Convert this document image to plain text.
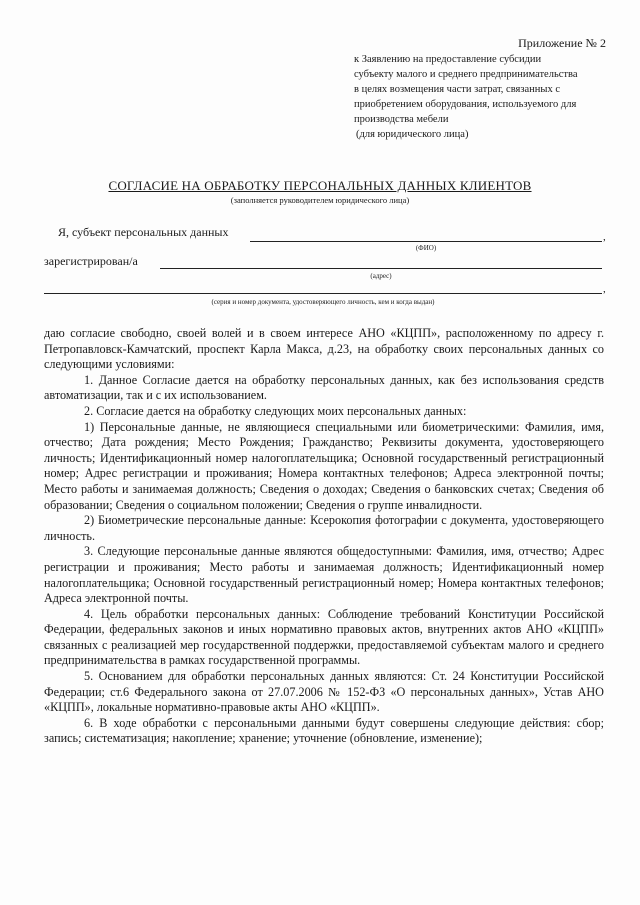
Приложение № 2
к Заявлению на предоставление субсидии
субъекту малого и среднего предпринимательства
в целях возмещения части затрат, связанных с
приобретением оборудования, используемого для
производства мебели
(для юридического лица)
СОГЛАСИЕ НА ОБРАБОТКУ ПЕРСОНАЛЬНЫХ ДАННЫХ КЛИЕНТОВ
(заполняется руководителем юридического лица)
Я, субъект персональных данных	,
(ФИО)
зарегистрирован/а
(адрес)
,
(серия и номер документа, удостоверяющего личность, кем и когда выдан)

даю согласие свободно, своей волей и в своем интересе АНО «КЦПП», расположенному по адресу г. Петропавловск-Камчатский, проспект Карла Макса, д.23, на обработку своих персональных данных со следующими условиями:

1. Данное Согласие дается на обработку персональных данных, как без использования средств автоматизации, так и с их использованием.

2. Согласие дается на обработку следующих моих персональных данных:

1) Персональные данные, не являющиеся специальными или биометрическими: Фамилия, имя, отчество; Дата рождения; Место Рождения; Гражданство; Реквизиты документа, удостоверяющего личность; Идентификационный номер налогоплательщика; Основной государственный регистрационный номер; Адрес регистрации и проживания; Номера контактных телефонов; Адреса электронной почты; Место работы и занимаемая должность; Сведения о доходах; Сведения о банковских счетах; Сведения об образовании; Сведения о социальном положении; Сведения о группе инвалидности.

2) Биометрические персональные данные: Ксерокопия фотографии с документа, удостоверяющего личность.

3. Следующие персональные данные являются общедоступными: Фамилия, имя, отчество; Адрес регистрации и проживания; Место работы и занимаемая должность; Идентификационный номер налогоплательщика; Основной государственный регистрационный номер; Номера контактных телефонов; Адреса электронной почты.

4. Цель обработки персональных данных: Соблюдение требований Конституции Российской Федерации, федеральных законов и иных нормативно правовых актов, внутренних актов АНО «КЦПП» связанных с реализацией мер государственной поддержки, предоставляемой субъектам малого и среднего предпринимательства в рамках государственной программы.

5. Основанием для обработки персональных данных являются: Ст. 24 Конституции Российской Федерации; ст.6 Федерального закона от 27.07.2006 № 152-ФЗ «О персональных данных», Устав АНО «КЦПП», локальные нормативно-правовые акты АНО «КЦПП».

6. В ходе обработки с персональными данными будут совершены следующие действия: сбор; запись; систематизация; накопление; хранение; уточнение (обновление, изменение);
